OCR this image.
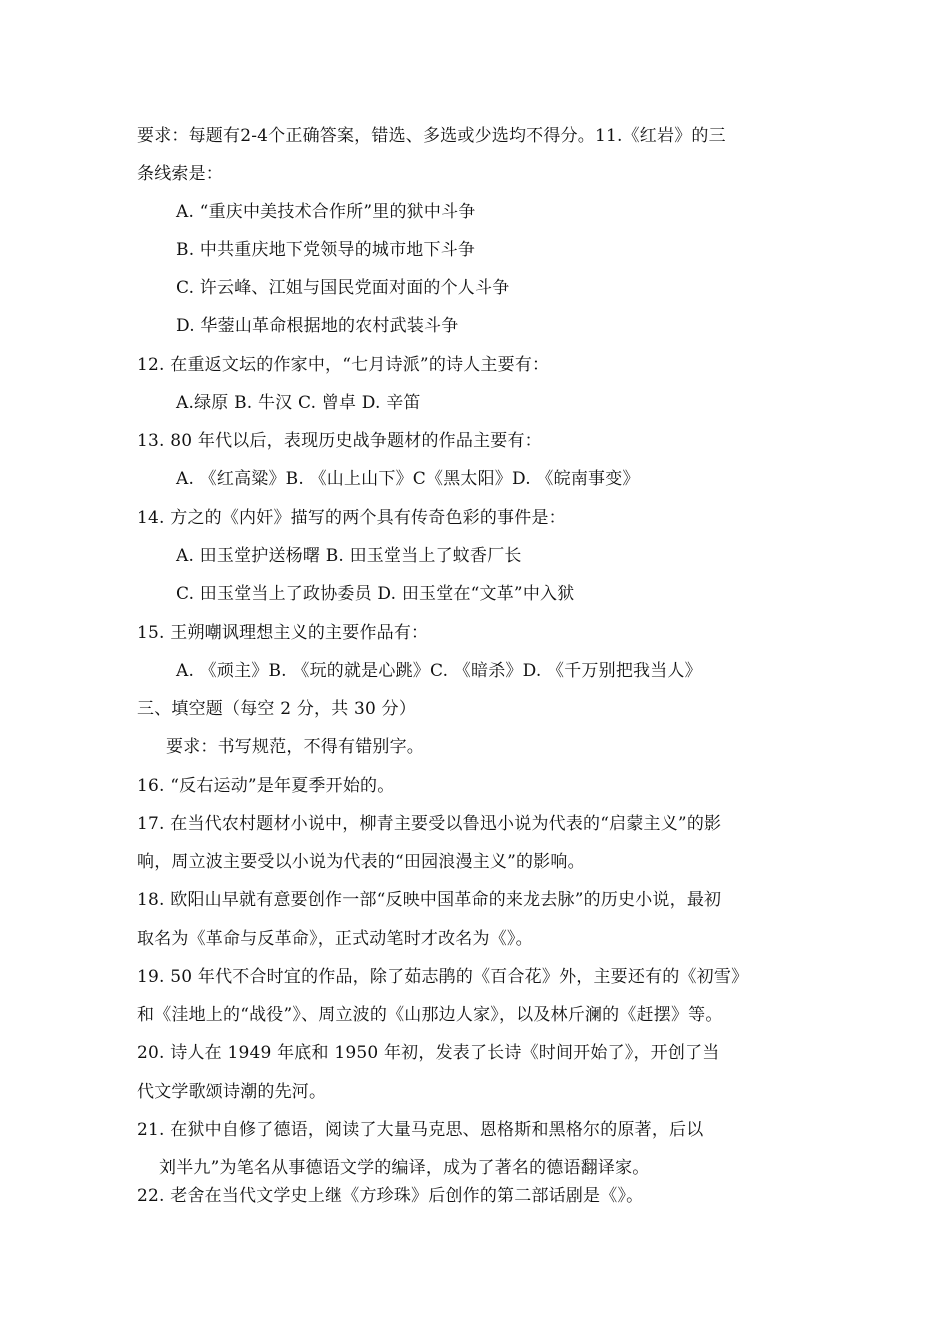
要求：每题有2-4个正确答案，错选、多选或少选均不得分。11.《红岩》的三
条线索是：
A. “重庆中美技术合作所”里的狱中斗争
B. 中共重庆地下党领导的城市地下斗争
C. 许云峰、江姐与国民党面对面的个人斗争
D. 华蓥山革命根据地的农村武装斗争
12. 在重返文坛的作家中，“七月诗派”的诗人主要有：
A.绿原 B. 牛汉 C. 曾卓 D. 辛笛
13. 80 年代以后，表现历史战争题材的作品主要有：
A. 《红高粱》B. 《山上山下》C《黑太阳》D. 《皖南事变》
14. 方之的《内奸》描写的两个具有传奇色彩的事件是：
A. 田玉堂护送杨曙 B. 田玉堂当上了蚊香厂长
C. 田玉堂当上了政协委员 D. 田玉堂在“文革”中入狱
15. 王朔嘲讽理想主义的主要作品有：
A. 《顽主》B. 《玩的就是心跳》C. 《暗杀》D. 《千万别把我当人》
三、填空题（每空 2 分，共 30 分）
要求：书写规范，不得有错别字。
16. “反右运动”是年夏季开始的。
17. 在当代农村题材小说中，柳青主要受以鲁迅小说为代表的“启蒙主义”的影
响，周立波主要受以小说为代表的“田园浪漫主义”的影响。
18. 欧阳山早就有意要创作一部“反映中国革命的来龙去脉”的历史小说，最初
取名为《革命与反革命》，正式动笔时才改名为《》。
19. 50 年代不合时宜的作品，除了茹志鹃的《百合花》外，主要还有的《初雪》
和《洼地上的“战役”》、周立波的《山那边人家》，以及林斤澜的《赶摆》等。
20. 诗人在 1949 年底和 1950 年初，发表了长诗《时间开始了》，开创了当
代文学歌颂诗潮的先河。
21. 在狱中自修了德语，阅读了大量马克思、恩格斯和黑格尔的原著，后以
刘半九”为笔名从事德语文学的编译，成为了著名的德语翻译家。
22. 老舍在当代文学史上继《方珍珠》后创作的第二部话剧是《》。
